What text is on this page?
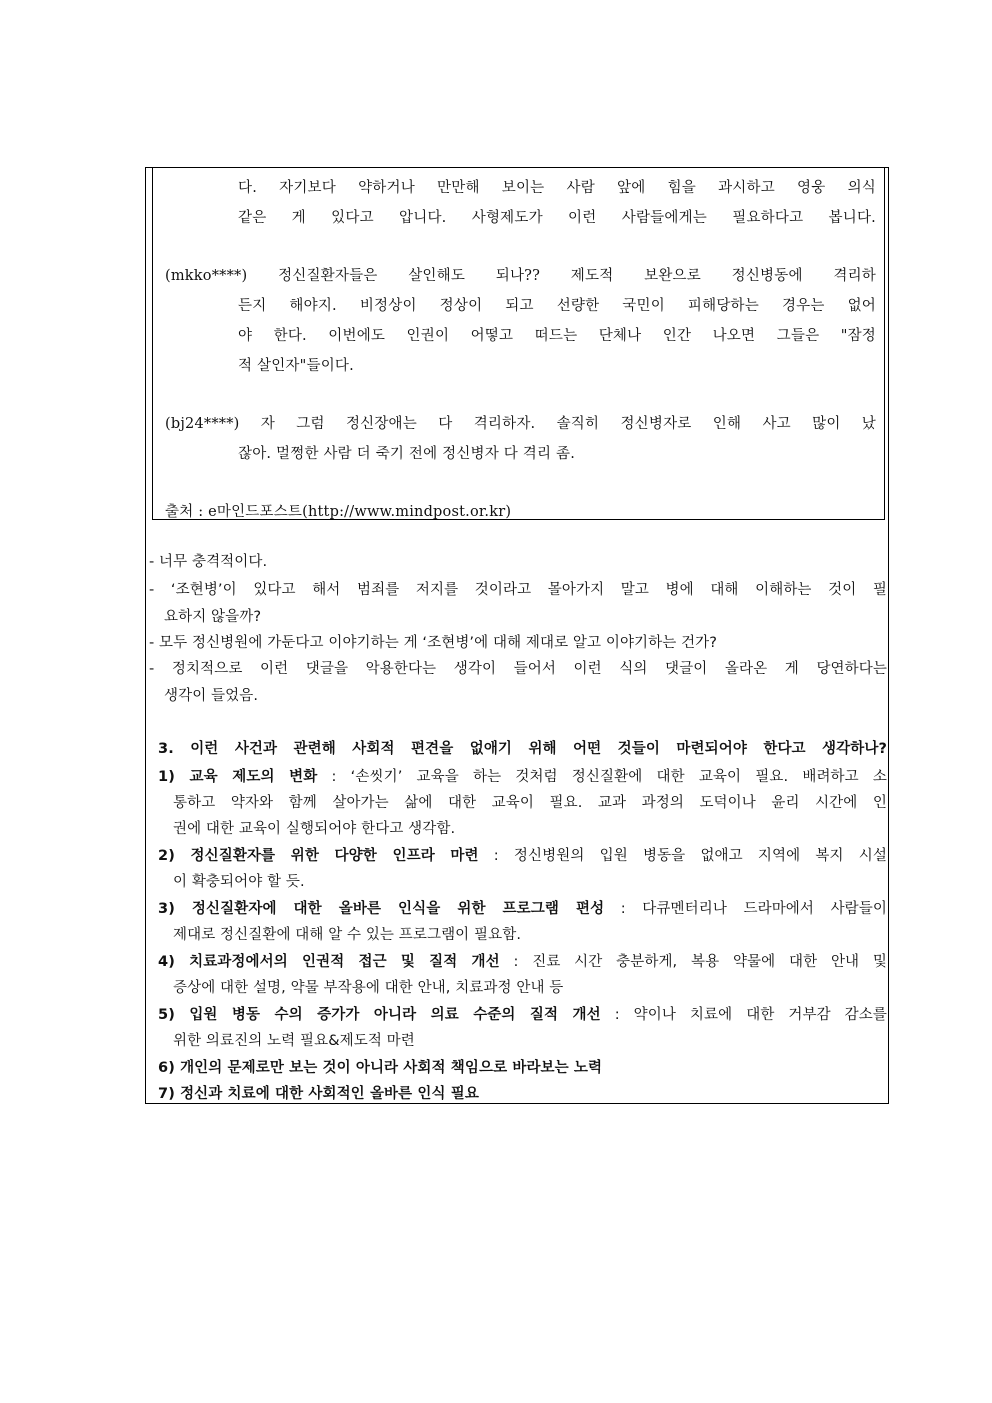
다. 자기보다 약하거나 만만해 보이는 사람 앞에 힘을 과시하고 영웅 의식
같은 게 있다고 압니다. 사형제도가 이런 사람들에게는 필요하다고 봅니다.
(mkko****) 정신질환자들은 살인해도 되나?? 제도적 보완으로 정신병동에 격리하
든지 해야지. 비정상이 정상이 되고 선량한 국민이 피해당하는 경우는 없어
야 한다. 이번에도 인권이 어떻고 떠드는 단체나 인간 나오면 그들은 "잠정
적 살인자"들이다.
(bj24****) 자 그럼 정신장애는 다 격리하자. 솔직히 정신병자로 인해 사고 많이 났
잖아. 멀쩡한 사람 더 죽기 전에 정신병자 다 격리 좀.
출처 : e마인드포스트(http://www.mindpost.or.kr)
- 너무 충격적이다.
- ‘조현병’이 있다고 해서 범죄를 저지를 것이라고 몰아가지 말고 병에 대해 이해하는 것이 필
요하지 않을까?
- 모두 정신병원에 가둔다고 이야기하는 게 ‘조현병’에 대해 제대로 알고 이야기하는 건가?
- 정치적으로 이런 댓글을 악용한다는 생각이 들어서 이런 식의 댓글이 올라온 게 당연하다는
생각이 들었음.
3. 이런 사건과 관련해 사회적 편견을 없애기 위해 어떤 것들이 마련되어야 한다고 생각하나?
1) 교육 제도의 변화 : ‘손씻기’ 교육을 하는 것처럼 정신질환에 대한 교육이 필요. 배려하고 소
통하고 약자와 함께 살아가는 삶에 대한 교육이 필요. 교과 과정의 도덕이나 윤리 시간에 인
권에 대한 교육이 실행되어야 한다고 생각함.
2) 정신질환자를 위한 다양한 인프라 마련 : 정신병원의 입원 병동을 없애고 지역에 복지 시설
이 확충되어야 할 듯.
3) 정신질환자에 대한 올바른 인식을 위한 프로그램 편성 : 다큐멘터리나 드라마에서 사람들이
제대로 정신질환에 대해 알 수 있는 프로그램이 필요함.
4) 치료과정에서의 인권적 접근 및 질적 개선 : 진료 시간 충분하게, 복용 약물에 대한 안내 및
증상에 대한 설명, 약물 부작용에 대한 안내, 치료과정 안내 등
5) 입원 병동 수의 증가가 아니라 의료 수준의 질적 개선 : 약이나 치료에 대한 거부감 감소를
위한 의료진의 노력 필요&제도적 마련
6) 개인의 문제로만 보는 것이 아니라 사회적 책임으로 바라보는 노력
7) 정신과 치료에 대한 사회적인 올바른 인식 필요
